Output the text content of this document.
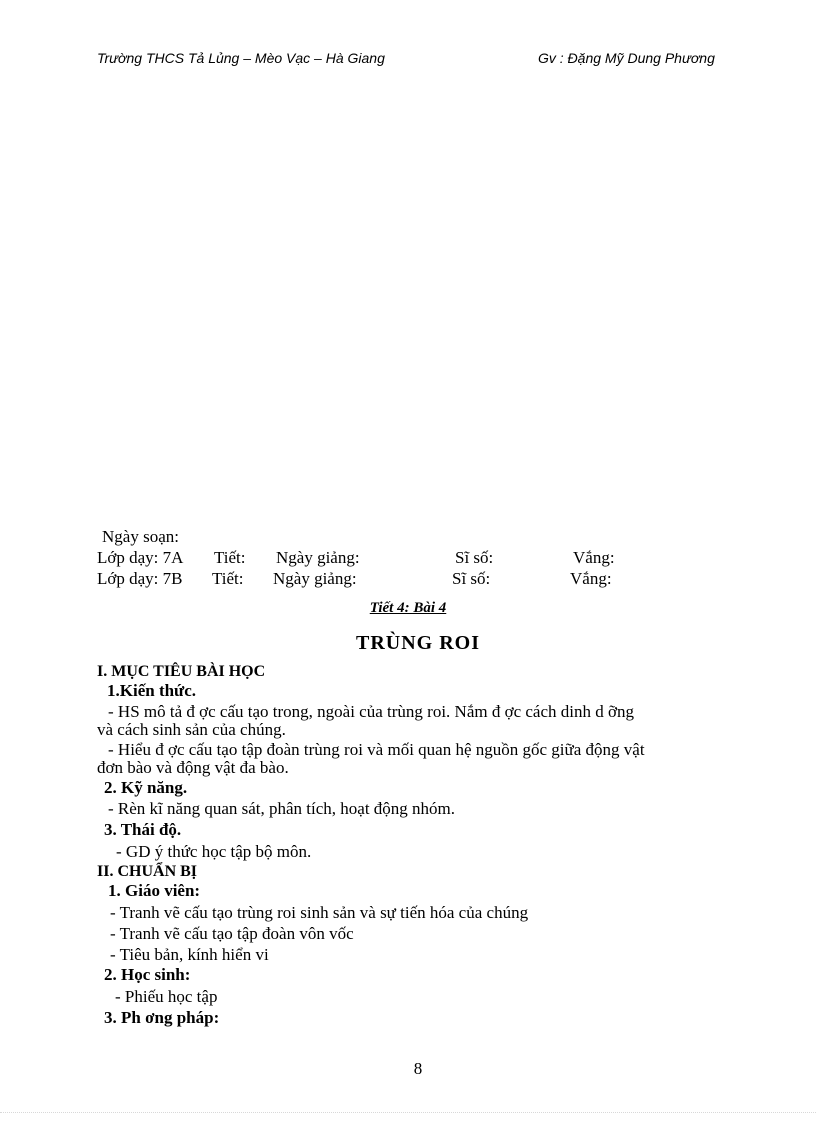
Trường THCS Tả Lủng – Mèo Vạc – Hà Giang	Gv : Đặng Mỹ Dung Phương
Ngày soạn:
Lớp dạy: 7A Tiết: Ngày giảng:	Sĩ số:	Vắng:
Lớp dạy: 7B Tiết: Ngày giảng:	Sĩ số:	Vắng:
Tiết 4: Bài 4
TRÙNG ROI
I. MỤC TIÊU BÀI HỌC
1.Kiến thức.
- HS mô tả đ ợc cấu tạo trong, ngoài của trùng roi. Nắm đ ợc cách dinh d ỡng
và cách sinh sản của chúng.
- Hiểu đ ợc cấu tạo tập đoàn trùng roi và mối quan hệ nguồn gốc giữa động vật
đơn bào và động vật đa bào.
2. Kỹ năng.
- Rèn kĩ năng quan sát, phân tích, hoạt động nhóm.
3. Thái độ.
- GD ý thức học tập bộ môn.
II. CHUẨN BỊ
1. Giáo viên:
- Tranh vẽ cấu tạo trùng roi sinh sản và sự tiến hóa của chúng
- Tranh vẽ cấu tạo tập đoàn vôn vốc
- Tiêu bản, kính hiển vi
2. Học sinh:
- Phiếu học tập
3. Ph ơng pháp:
8
